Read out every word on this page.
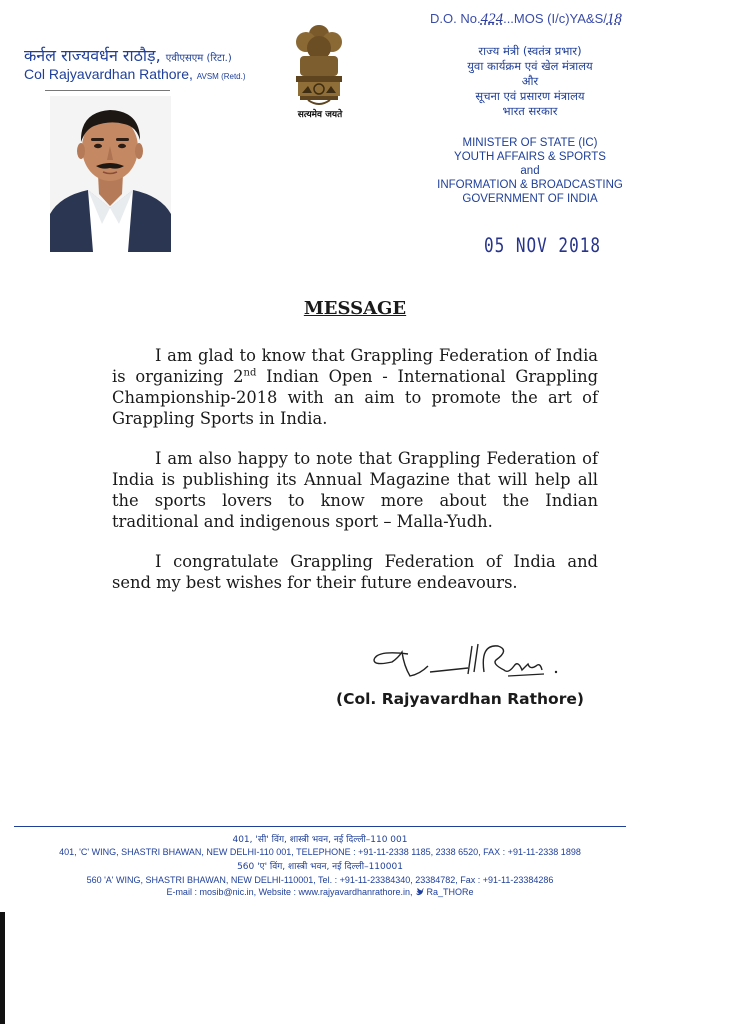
कर्नल राज्यवर्धन राठौड़, एवीएसएम (रिटा.)
Col Rajyavardhan Rathore, AVSM (Retd.)
सत्यमेव जयते
D.O. No.424...MOS (I/c)YA&S/18
राज्य मंत्री (स्वतंत्र प्रभार)
युवा कार्यक्रम एवं खेल मंत्रालय
और
सूचना एवं प्रसारण मंत्रालय
भारत सरकार
MINISTER OF STATE (IC)
YOUTH AFFAIRS & SPORTS
and
INFORMATION & BROADCASTING
GOVERNMENT OF INDIA
05 NOV 2018
MESSAGE
I am glad to know that Grappling Federation of India is organizing 2nd Indian Open - International Grappling Championship-2018 with an aim to promote the art of Grappling Sports in India.
I am also happy to note that Grappling Federation of India is publishing its Annual Magazine that will help all the sports lovers to know more about the Indian traditional and indigenous sport – Malla-Yudh.
I congratulate Grappling Federation of India and send my best wishes for their future endeavours.
(Col. Rajyavardhan Rathore)
401, 'सी' विंग, शास्त्री भवन, नई दिल्ली–110 001
401, 'C' WING, SHASTRI BHAWAN, NEW DELHI-110 001, TELEPHONE : +91-11-2338 1185, 2338 6520, FAX : +91-11-2338 1898
560 'ए' विंग, शास्त्री भवन, नई दिल्ली–110001
560 'A' WING, SHASTRI BHAWAN, NEW DELHI-110001, Tel. : +91-11-23384340, 23384782, Fax : +91-11-23384286
E-mail : mosib@nic.in, Website : www.rajyavardhanrathore.in, Ra_THORe
